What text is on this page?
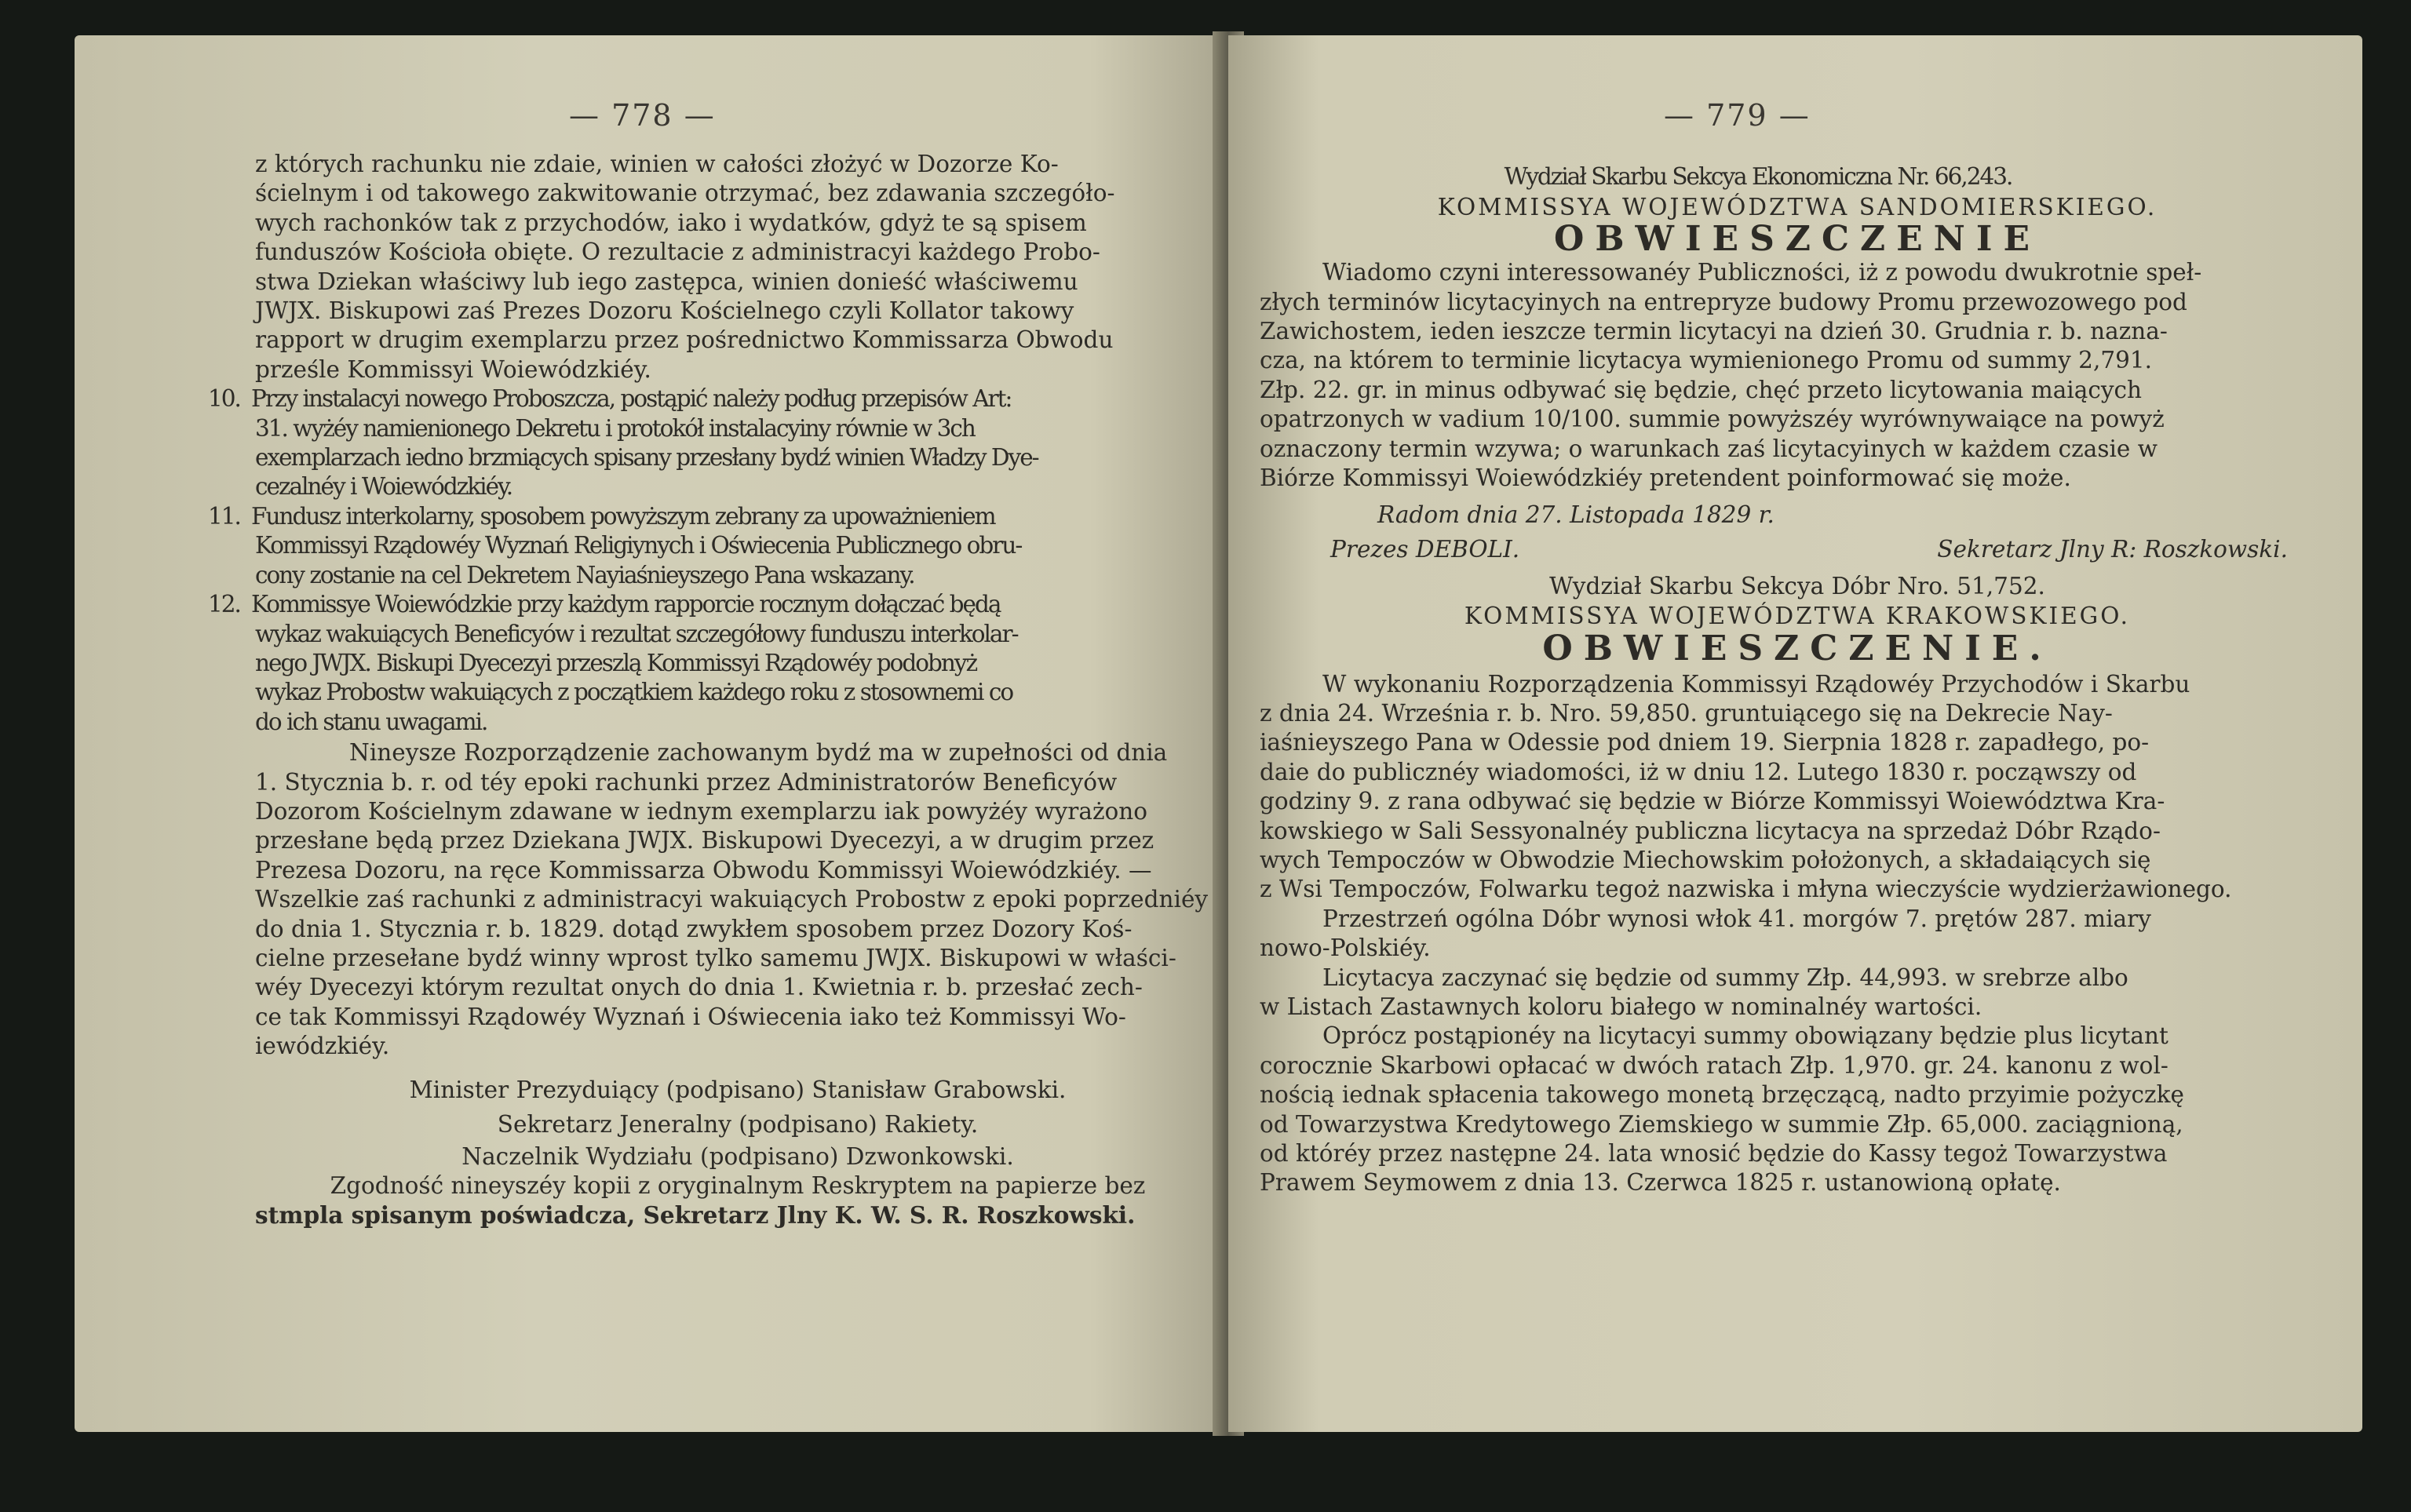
— 778 —
z których rachunku nie zdaie, winien w całości złożyć w Dozorze Ko-
ścielnym i od takowego zakwitowanie otrzymać, bez zdawania szczegóło-
wych rachonków tak z przychodów, iako i wydatków, gdyż te są spisem
funduszów Kościoła obięte. O rezultacie z administracyi każdego Probo-
stwa Dziekan właściwy lub iego zastępca, winien donieść właściwemu
JWJX. Biskupowi zaś Prezes Dozoru Kościelnego czyli Kollator takowy
rapport w drugim exemplarzu przez pośrednictwo Kommissarza Obwodu
prześle Kommissyi Woiewódzkiéy.
10. Przy instalacyi nowego Proboszcza, postąpić należy podług przepisów Art:
31. wyżéy namienionego Dekretu i protokół instalacyiny równie w 3ch
exemplarzach iedno brzmiących spisany przesłany bydź winien Władzy Dye-
cezalnéy i Woiewódzkiéy.
11. Fundusz interkolarny, sposobem powyższym zebrany za upoważnieniem
Kommissyi Rządowéy Wyznań Religiynych i Oświecenia Publicznego obru-
cony zostanie na cel Dekretem Nayiaśnieyszego Pana wskazany.
12. Kommissye Woiewódzkie przy każdym rapporcie rocznym dołączać będą
wykaz wakuiących Beneficyów i rezultat szczegółowy funduszu interkolar-
nego JWJX. Biskupi Dyecezyi przeszlą Kommissyi Rządowéy podobnyż
wykaz Probostw wakuiących z początkiem każdego roku z stosownemi co
do ich stanu uwagami.
Nineysze Rozporządzenie zachowanym bydź ma w zupełności od dnia
1. Stycznia b. r. od téy epoki rachunki przez Administratorów Beneficyów
Dozorom Kościelnym zdawane w iednym exemplarzu iak powyżéy wyrażono
przesłane będą przez Dziekana JWJX. Biskupowi Dyecezyi, a w drugim przez
Prezesa Dozoru, na ręce Kommissarza Obwodu Kommissyi Woiewódzkiéy. —
Wszelkie zaś rachunki z administracyi wakuiących Probostw z epoki poprzedniéy
do dnia 1. Stycznia r. b. 1829. dotąd zwykłem sposobem przez Dozory Koś-
cielne przesełane bydź winny wprost tylko samemu JWJX. Biskupowi w właści-
wéy Dyecezyi którym rezultat onych do dnia 1. Kwietnia r. b. przesłać zech-
ce tak Kommissyi Rządowéy Wyznań i Oświecenia iako też Kommissyi Wo-
iewódzkiéy.
Minister Prezyduiący (podpisano) Stanisław Grabowski.
Sekretarz Jeneralny (podpisano) Rakiety.
Naczelnik Wydziału (podpisano) Dzwonkowski.
Zgodność nineyszéy kopii z oryginalnym Reskryptem na papierze bez
stmpla spisanym poświadcza, Sekretarz Jlny K. W. S. R. Roszkowski.
— 779 —
Wydział Skarbu Sekcya Ekonomiczna Nr. 66,243.
KOMMISSYA WOJEWÓDZTWA SANDOMIERSKIEGO.
OBWIESZCZENIE
Wiadomo czyni interessowanéy Publiczności, iż z powodu dwukrotnie speł-
złych terminów licytacyinych na entrepryze budowy Promu przewozowego pod
Zawichostem, ieden ieszcze termin licytacyi na dzień 30. Grudnia r. b. nazna-
cza, na którem to terminie licytacya wymienionego Promu od summy 2,791.
Złp. 22. gr. in minus odbywać się będzie, chęć przeto licytowania maiących
opatrzonych w vadium 10/100. summie powyższéy wyrównywaiące na powyż
oznaczony termin wzywa; o warunkach zaś licytacyinych w każdem czasie w
Biórze Kommissyi Woiewódzkiéy pretendent poinformować się może.
Radom dnia 27. Listopada 1829 r.
Prezes DEBOLI.	Sekretarz Jlny R: Roszkowski.
Wydział Skarbu Sekcya Dóbr Nro. 51,752.
KOMMISSYA WOJEWÓDZTWA KRAKOWSKIEGO.
OBWIESZCZENIE.
W wykonaniu Rozporządzenia Kommissyi Rządowéy Przychodów i Skarbu
z dnia 24. Września r. b. Nro. 59,850. gruntuiącego się na Dekrecie Nay-
iaśnieyszego Pana w Odessie pod dniem 19. Sierpnia 1828 r. zapadłego, po-
daie do publicznéy wiadomości, iż w dniu 12. Lutego 1830 r. począwszy od
godziny 9. z rana odbywać się będzie w Biórze Kommissyi Woiewództwa Kra-
kowskiego w Sali Sessyonalnéy publiczna licytacya na sprzedaż Dóbr Rządo-
wych Tempoczów w Obwodzie Miechowskim położonych, a składaiących się
z Wsi Tempoczów, Folwarku tegoż nazwiska i młyna wieczyście wydzierżawionego.
Przestrzeń ogólna Dóbr wynosi włok 41. morgów 7. prętów 287. miary
nowo-Polskiéy.
Licytacya zaczynać się będzie od summy Złp. 44,993. w srebrze albo
w Listach Zastawnych koloru białego w nominalnéy wartości.
Oprócz postąpionéy na licytacyi summy obowiązany będzie plus licytant
corocznie Skarbowi opłacać w dwóch ratach Złp. 1,970. gr. 24. kanonu z wol-
nością iednak spłacenia takowego monetą brzęczącą, nadto przyimie pożyczkę
od Towarzystwa Kredytowego Ziemskiego w summie Złp. 65,000. zaciągnioną,
od któréy przez następne 24. lata wnosić będzie do Kassy tegoż Towarzystwa
Prawem Seymowem z dnia 13. Czerwca 1825 r. ustanowioną opłatę.
